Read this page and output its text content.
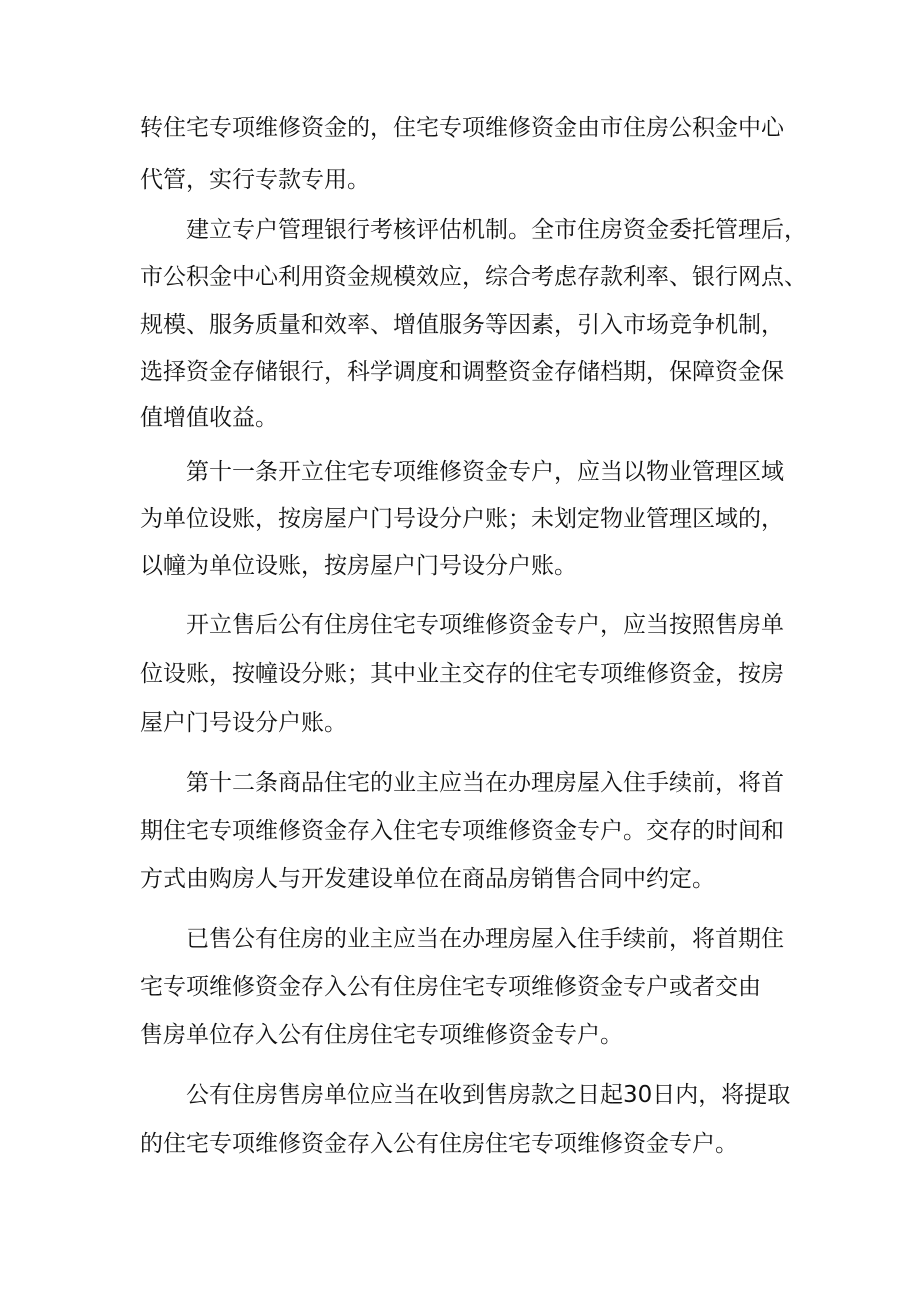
转住宅专项维修资金的，住宅专项维修资金由市住房公积金中心
代管，实行专款专用。
建立专户管理银行考核评估机制。全市住房资金委托管理后，
市公积金中心利用资金规模效应，综合考虑存款利率、银行网点、
规模、服务质量和效率、增值服务等因素，引入市场竞争机制，
选择资金存储银行，科学调度和调整资金存储档期，保障资金保
值增值收益。
第十一条开立住宅专项维修资金专户，应当以物业管理区域
为单位设账，按房屋户门号设分户账；未划定物业管理区域的，
以幢为单位设账，按房屋户门号设分户账。
开立售后公有住房住宅专项维修资金专户，应当按照售房单
位设账，按幢设分账；其中业主交存的住宅专项维修资金，按房
屋户门号设分户账。
第十二条商品住宅的业主应当在办理房屋入住手续前，将首
期住宅专项维修资金存入住宅专项维修资金专户。交存的时间和
方式由购房人与开发建设单位在商品房销售合同中约定。
已售公有住房的业主应当在办理房屋入住手续前，将首期住
宅专项维修资金存入公有住房住宅专项维修资金专户或者交由
售房单位存入公有住房住宅专项维修资金专户。
公有住房售房单位应当在收到售房款之日起30日内，将提取
的住宅专项维修资金存入公有住房住宅专项维修资金专户。
